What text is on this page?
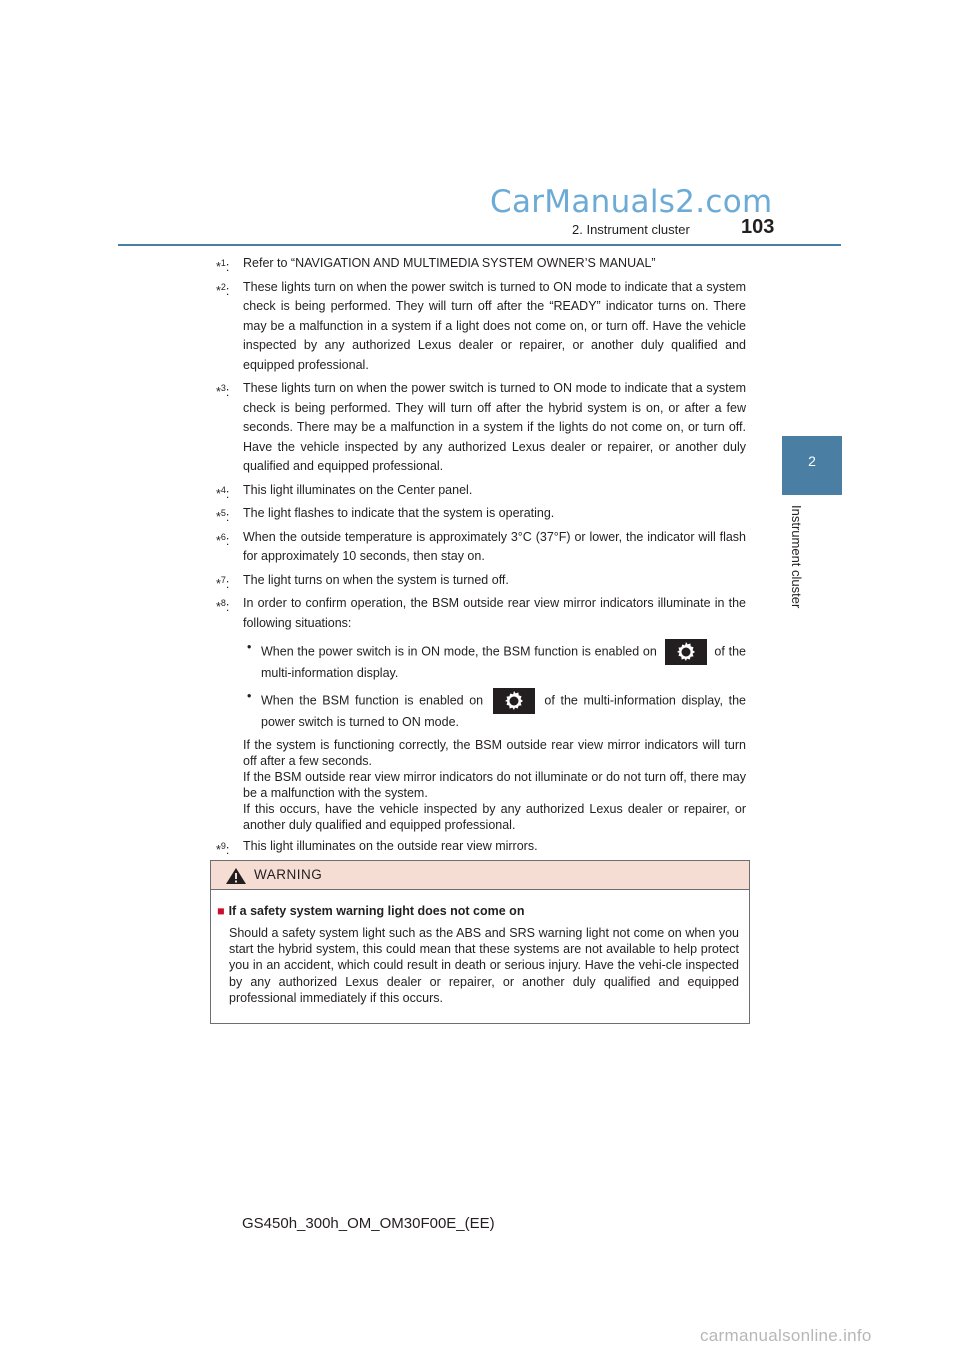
CarManuals2.com
2. Instrument cluster	103
2
Instrument cluster
*$^1$: Refer to “NAVIGATION AND MULTIMEDIA SYSTEM OWNER’S MANUAL”
*$^2$: These lights turn on when the power switch is turned to ON mode to indicate that a system check is being performed. They will turn off after the “READY” indicator turns on. There may be a malfunction in a system if a light does not come on, or turn off. Have the vehicle inspected by any authorized Lexus dealer or repairer, or another duly qualified and equipped professional.
*$^3$: These lights turn on when the power switch is turned to ON mode to indicate that a system check is being performed. They will turn off after the hybrid system is on, or after a few seconds. There may be a malfunction in a system if the lights do not come on, or turn off. Have the vehicle inspected by any authorized Lexus dealer or repairer, or another duly qualified and equipped professional.
*$^4$: This light illuminates on the Center panel.
*$^5$: The light flashes to indicate that the system is operating.
*$^6$: When the outside temperature is approximately 3°C (37°F) or lower, the indicator will flash for approximately 10 seconds, then stay on.
*$^7$: The light turns on when the system is turned off.
*$^8$: In order to confirm operation, the BSM outside rear view mirror indicators illuminate in the following situations:
• When the power switch is in ON mode, the BSM function is enabled on	of the multi-information display.
• When the BSM function is enabled on	of the multi-information display, the power switch is turned to ON mode.

If the system is functioning correctly, the BSM outside rear view mirror indicators will turn off after a few seconds.

If the BSM outside rear view mirror indicators do not illuminate or do not turn off, there may be a malfunction with the system.

If this occurs, have the vehicle inspected by any authorized Lexus dealer or repairer, or another duly qualified and equipped professional.

*$^9$: This light illuminates on the outside rear view mirrors.
WARNING
■ If a safety system warning light does not come on
Should a safety system light such as the ABS and SRS warning light not come on when you start the hybrid system, this could mean that these systems are not available to help protect you in an accident, which could result in death or serious injury. Have the vehi-cle inspected by any authorized Lexus dealer or repairer, or another duly qualified and equipped professional immediately if this occurs.
GS450h_300h_OM_OM30F00E_(EE)
carmanualsonline.info
